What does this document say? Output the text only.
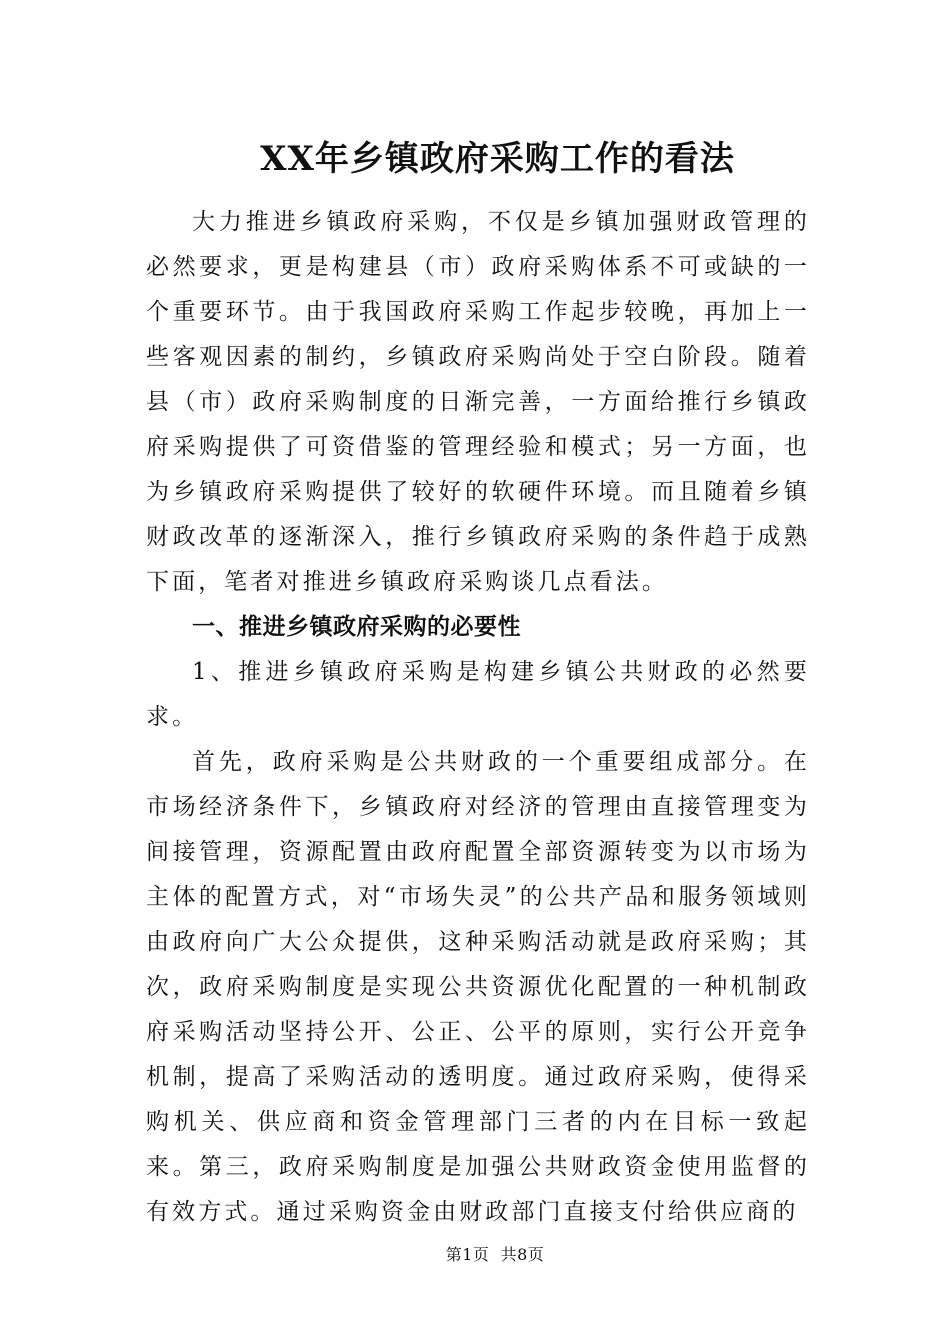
XX年乡镇政府采购工作的看法

大力推进乡镇政府采购，不仅是乡镇加强财政管理的必然要求，更是构建县（市）政府采购体系不可或缺的一个重要环节。由于我国政府采购工作起步较晚，再加上一些客观因素的制约，乡镇政府采购尚处于空白阶段。随着县（市）政府采购制度的日渐完善，一方面给推行乡镇政府采购提供了可资借鉴的管理经验和模式；另一方面，也为乡镇政府采购提供了较好的软硬件环境。而且随着乡镇财政改革的逐渐深入，推行乡镇政府采购的条件趋于成熟下面，笔者对推进乡镇政府采购谈几点看法。

一、推进乡镇政府采购的必要性

1、推进乡镇政府采购是构建乡镇公共财政的必然要求。

首先，政府采购是公共财政的一个重要组成部分。在市场经济条件下，乡镇政府对经济的管理由直接管理变为间接管理，资源配置由政府配置全部资源转变为以市场为主体的配置方式，对“市场失灵”的公共产品和服务领域则由政府向广大公众提供，这种采购活动就是政府采购；其次，政府采购制度是实现公共资源优化配置的一种机制政府采购活动坚持公开、公正、公平的原则，实行公开竞争机制，提高了采购活动的透明度。通过政府采购，使得采购机关、供应商和资金管理部门三者的内在目标一致起来。第三，政府采购制度是加强公共财政资金使用监督的有效方式。通过采购资金由财政部门直接支付给供应商的

第1页 共8页
